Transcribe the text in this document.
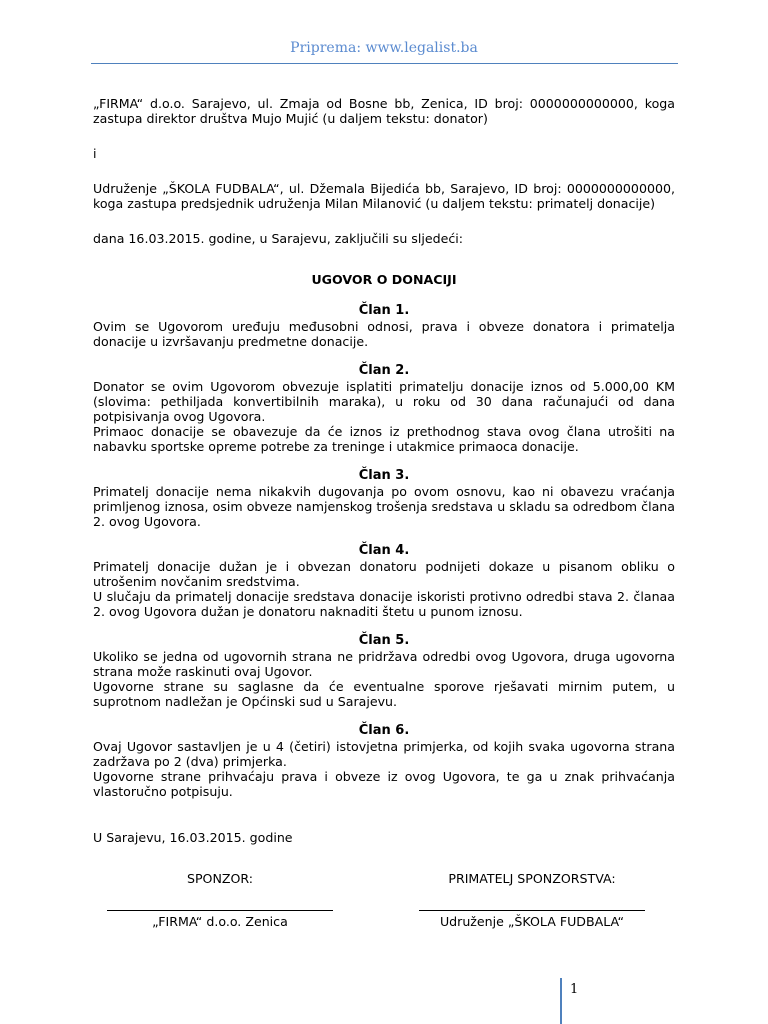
Priprema: www.legalist.ba

„FIRMA“ d.o.o. Sarajevo, ul. Zmaja od Bosne bb, Zenica, ID broj: 0000000000000, koga zastupa direktor društva Mujo Mujić (u daljem tekstu: donator)

i

Udruženje „ŠKOLA FUDBALA“, ul. Džemala Bijedića bb, Sarajevo, ID broj: 0000000000000, koga zastupa predsjednik udruženja Milan Milanović (u daljem tekstu: primatelj donacije)

dana 16.03.2015. godine, u Sarajevu, zaključili su sljedeći:

UGOVOR O DONACIJI

Član 1.

Ovim se Ugovorom uređuju međusobni odnosi, prava i obveze donatora i primatelja donacije u izvršavanju predmetne donacije.

Član 2.

Donator se ovim Ugovorom obvezuje isplatiti primatelju donacije iznos od 5.000,00 KM (slovima: pethiljada konvertibilnih maraka), u roku od 30 dana računajući od dana potpisivanja ovog Ugovora.

Primaoc donacije se obavezuje da će iznos iz prethodnog stava ovog člana utrošiti na nabavku sportske opreme potrebe za treninge i utakmice primaoca donacije.

Član 3.

Primatelj donacije nema nikakvih dugovanja po ovom osnovu, kao ni obavezu vraćanja primljenog iznosa, osim obveze namjenskog trošenja sredstava u skladu sa odredbom člana 2. ovog Ugovora.

Član 4.

Primatelj donacije dužan je i obvezan donatoru podnijeti dokaze u pisanom obliku o utrošenim novčanim sredstvima.

U slučaju da primatelj donacije sredstava donacije iskoristi protivno odredbi stava 2. članaa 2. ovog Ugovora dužan je donatoru naknaditi štetu u punom iznosu.

Član 5.

Ukoliko se jedna od ugovornih strana ne pridržava odredbi ovog Ugovora, druga ugovorna strana može raskinuti ovaj Ugovor.

Ugovorne strane su saglasne da će eventualne sporove rješavati mirnim putem, u suprotnom nadležan je Općinski sud u Sarajevu.

Član 6.

Ovaj Ugovor sastavljen je u 4 (četiri) istovjetna primjerka, od kojih svaka ugovorna strana zadržava po 2 (dva) primjerka.

Ugovorne strane prihvaćaju prava i obveze iz ovog Ugovora, te ga u znak prihvaćanja vlastoručno potpisuju.

U Sarajevu, 16.03.2015. godine

SPONZOR:	PRIMATELJ SPONZORSTVA:
„FIRMA“ d.o.o. Zenica	Udruženje „ŠKOLA FUDBALA“
1
